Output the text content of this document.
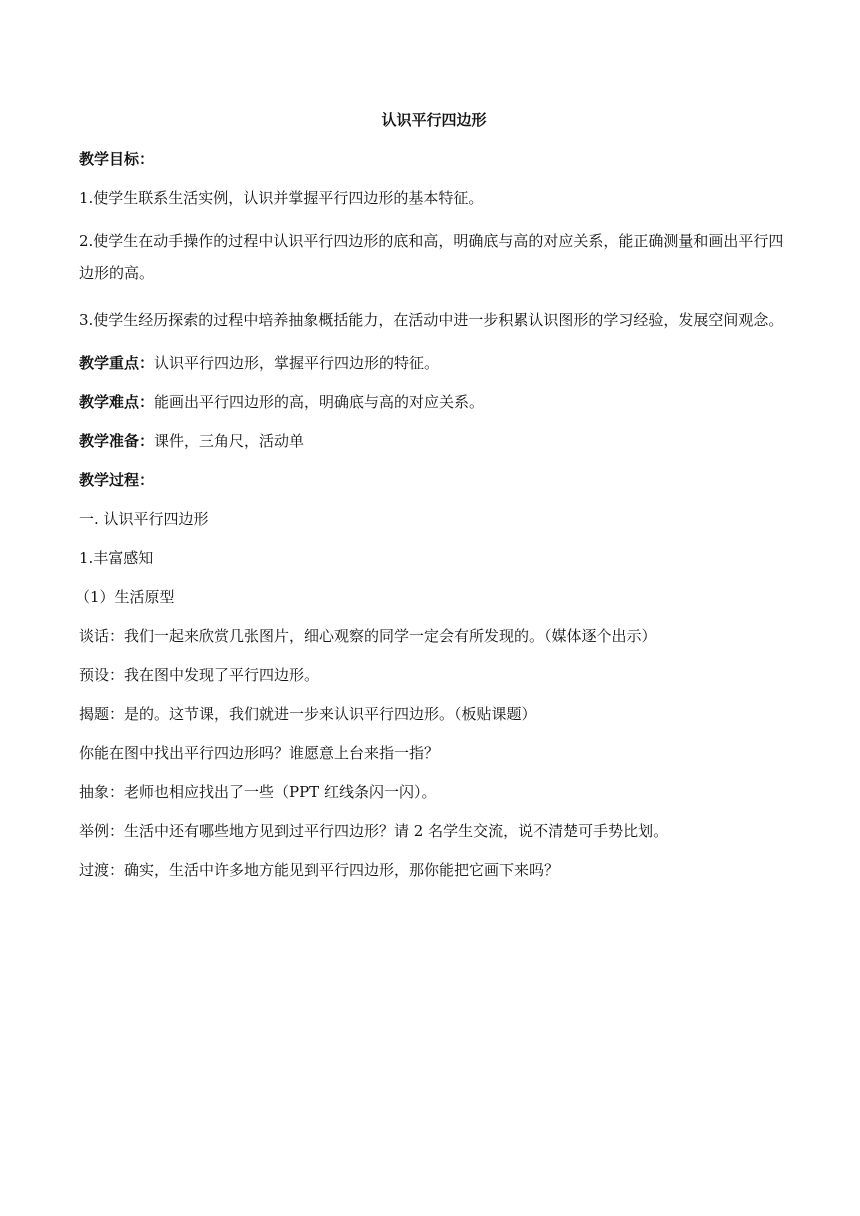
认识平行四边形
教学目标：
1.使学生联系生活实例，认识并掌握平行四边形的基本特征。
2.使学生在动手操作的过程中认识平行四边形的底和高，明确底与高的对应关系，能正确测量和画出平行四边形的高。
3.使学生经历探索的过程中培养抽象概括能力，在活动中进一步积累认识图形的学习经验，发展空间观念。
教学重点：认识平行四边形，掌握平行四边形的特征。
教学难点：能画出平行四边形的高，明确底与高的对应关系。
教学准备：课件，三角尺，活动单
教学过程：
一. 认识平行四边形
1.丰富感知
（1）生活原型
谈话：我们一起来欣赏几张图片，细心观察的同学一定会有所发现的。（媒体逐个出示）
预设：我在图中发现了平行四边形。
揭题：是的。这节课，我们就进一步来认识平行四边形。（板贴课题）
你能在图中找出平行四边形吗？谁愿意上台来指一指？
抽象：老师也相应找出了一些（PPT 红线条闪一闪）。
举例：生活中还有哪些地方见到过平行四边形？请 2 名学生交流，说不清楚可手势比划。
过渡：确实，生活中许多地方能见到平行四边形，那你能把它画下来吗？
